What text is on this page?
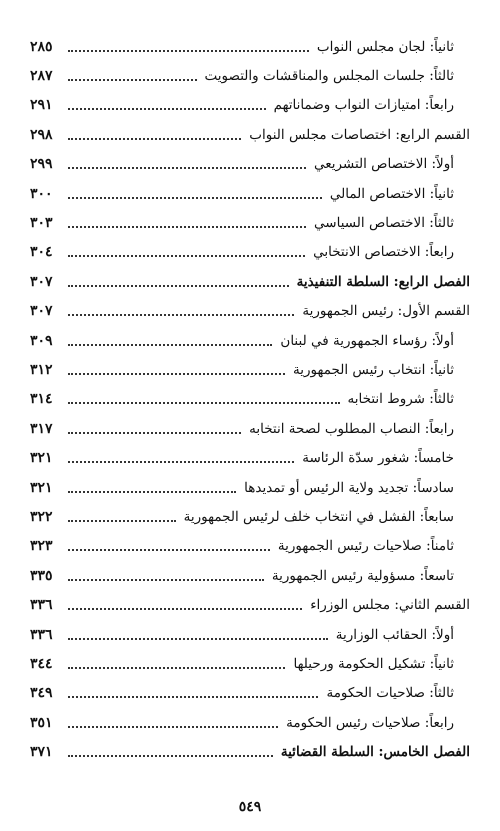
ثانياً: لجان مجلس النواب
٢٨٥
ثالثاً: جلسات المجلس والمناقشات والتصويت
٢٨٧
رابعاً: امتيازات النواب وضماناتهم
٢٩١
القسم الرابع: اختصاصات مجلس النواب
٢٩٨
أولاً: الاختصاص التشريعي
٢٩٩
ثانياً: الاختصاص المالي
٣٠٠
ثالثاً: الاختصاص السياسي
٣٠٣
رابعاً: الاختصاص الانتخابي
٣٠٤
الفصل الرابع: السلطة التنفيذية
٣٠٧
القسم الأول: رئيس الجمهورية
٣٠٧
أولاً: رؤساء الجمهورية في لبنان
٣٠٩
ثانياً: انتخاب رئيس الجمهورية
٣١٢
ثالثاً: شروط انتخابه
٣١٤
رابعاً: النصاب المطلوب لصحة انتخابه
٣١٧
خامساً: شغور سدّة الرئاسة
٣٢١
سادساً: تجديد ولاية الرئيس أو تمديدها
٣٢١
سابعاً: الفشل في انتخاب خلف لرئيس الجمهورية
٣٢٢
ثامناً: صلاحيات رئيس الجمهورية
٣٢٣
تاسعاً: مسؤولية رئيس الجمهورية
٣٣٥
القسم الثاني: مجلس الوزراء
٣٣٦
أولاً: الحقائب الوزارية
٣٣٦
ثانياً: تشكيل الحكومة ورحيلها
٣٤٤
ثالثاً: صلاحيات الحكومة
٣٤٩
رابعاً: صلاحيات رئيس الحكومة
٣٥١
الفصل الخامس: السلطة القضائية
٣٧١
٥٤٩
